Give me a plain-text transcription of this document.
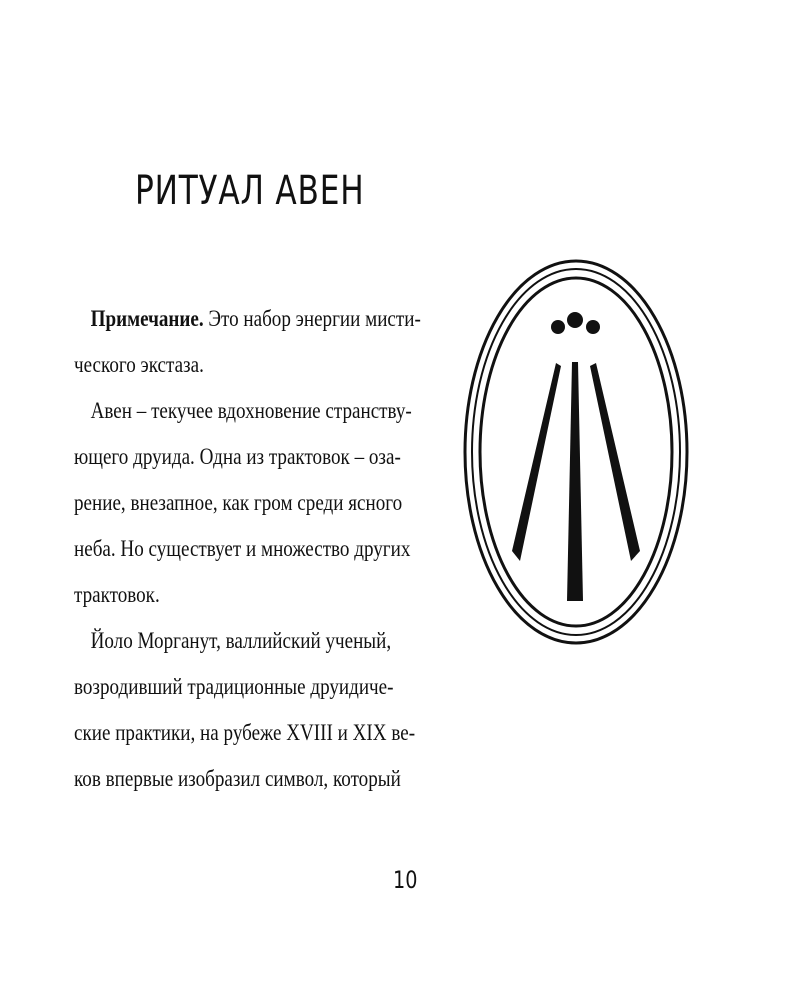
РИТУАЛ АВЕН
Примечание. Это набор энергии мисти-
ческого экстаза.
Авен – текучее вдохновение странству-
ющего друида. Одна из трактовок – оза-
рение, внезапное, как гром среди ясного
неба. Но существует и множество других
трактовок.
Йоло Морганут, валлийский ученый,
возродивший традиционные друидиче-
ские практики, на рубеже XVIII и XIX ве-
ков впервые изобразил символ, который
10
